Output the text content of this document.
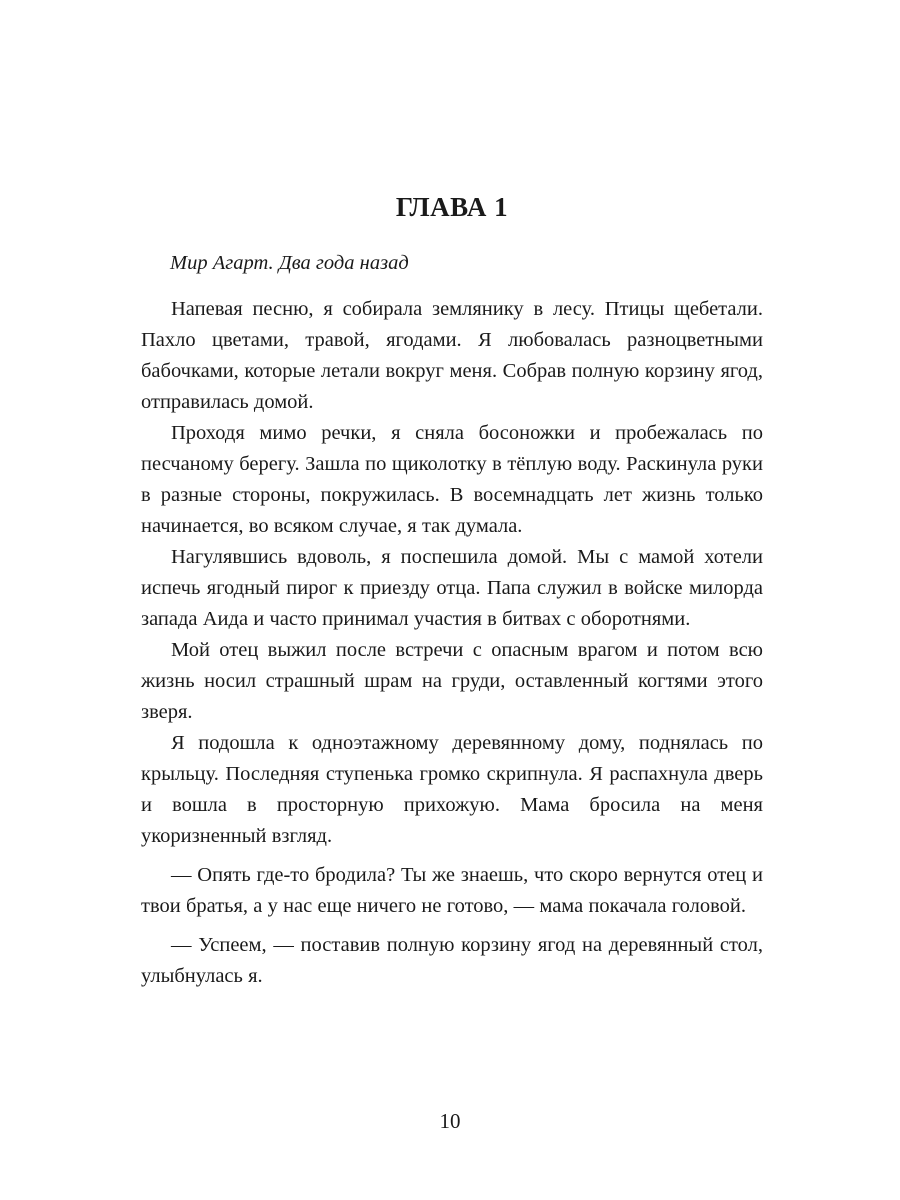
ГЛАВА 1
Мир Агарт. Два года назад

Напевая песню, я собирала землянику в лесу. Птицы щебетали. Пахло цветами, травой, ягодами. Я любовалась разноцветными бабочками, которые летали вокруг меня. Собрав полную корзину ягод, отправилась домой.

Проходя мимо речки, я сняла босоножки и пробежалась по песчаному берегу. Зашла по щиколотку в тёплую воду. Раскинула руки в разные стороны, покружилась. В восемнадцать лет жизнь только начинается, во всяком случае, я так думала.

Нагулявшись вдоволь, я поспешила домой. Мы с мамой хотели испечь ягодный пирог к приезду отца. Папа служил в войске милорда запада Аида и часто принимал участия в битвах с оборотнями.

Мой отец выжил после встречи с опасным врагом и потом всю жизнь носил страшный шрам на груди, оставленный когтями этого зверя.

Я подошла к одноэтажному деревянному дому, поднялась по крыльцу. Последняя ступенька громко скрипнула. Я распахнула дверь и вошла в просторную прихожую. Мама бросила на меня укоризненный взгляд.

— Опять где-то бродила? Ты же знаешь, что скоро вернутся отец и твои братья, а у нас еще ничего не готово, — мама покачала головой.

— Успеем, — поставив полную корзину ягод на деревянный стол, улыбнулась я.

10
